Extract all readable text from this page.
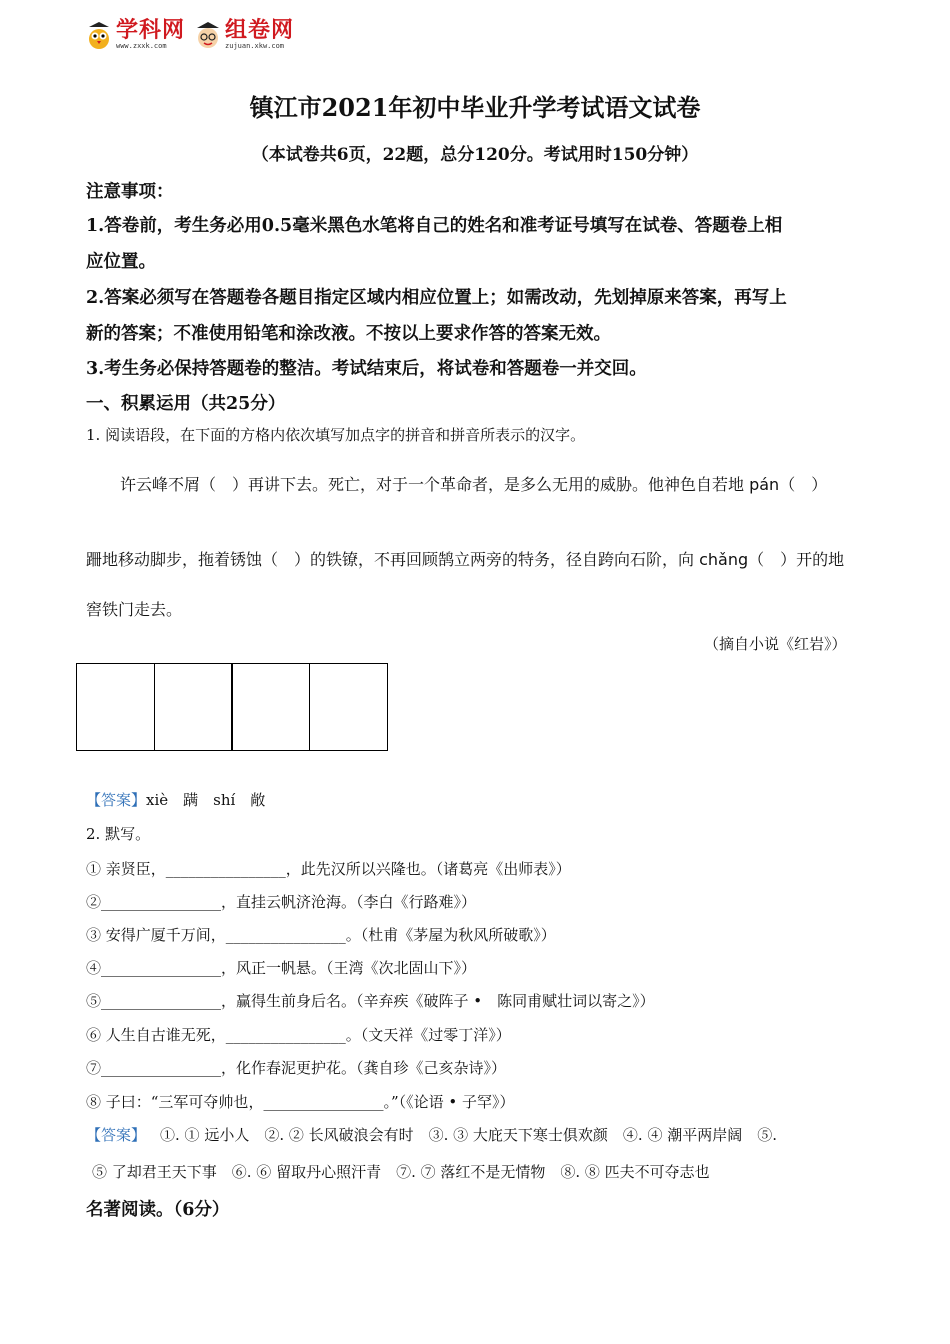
学科网
www.zxxk.com
组卷网
zujuan.xkw.com
镇江市2021年初中毕业升学考试语文试卷
（本试卷共6页，22题，总分120分。考试用时150分钟）
注意事项：
1.答卷前，考生务必用0.5毫米黑色水笔将自己的姓名和准考证号填写在试卷、答题卷上相
应位置。
2.答案必须写在答题卷各题目指定区域内相应位置上；如需改动，先划掉原来答案，再写上
新的答案；不准使用铅笔和涂改液。不按以上要求作答的答案无效。
3.考生务必保持答题卷的整洁。考试结束后，将试卷和答题卷一并交回。
一、积累运用（共25分）
1. 阅读语段，在下面的方格内依次填写加点字的拼音和拼音所表示的汉字。
许云峰不屑（　）再讲下去。死亡，对于一个革命者，是多么无用的威胁。他神色自若地 pán（　）
跚地移动脚步，拖着锈蚀（　）的铁镣，不再回顾鹄立两旁的特务，径自跨向石阶，向 chǎng（　）开的地
窖铁门走去。
（摘自小说《红岩》）
【答案】xiè　蹒　shí　敞
2. 默写。
① 亲贤臣，________________，此先汉所以兴隆也。（诸葛亮《出师表》）
②________________，直挂云帆济沧海。（李白《行路难》）
③ 安得广厦千万间，________________。（杜甫《茅屋为秋风所破歌》）
④________________，风正一帆悬。（王湾《次北固山下》）
⑤________________，赢得生前身后名。（辛弃疾《破阵子 •　陈同甫赋壮词以寄之》）
⑥ 人生自古谁无死，________________。（文天祥《过零丁洋》）
⑦________________，化作春泥更护花。（龚自珍《己亥杂诗》）
⑧ 子曰：“三军可夺帅也，________________。”（《论语 • 子罕》）
【答案】 ①. ① 远小人　②. ② 长风破浪会有时　③. ③ 大庇天下寒士俱欢颜　④. ④ 潮平两岸阔　⑤.
⑤ 了却君王天下事　⑥. ⑥ 留取丹心照汗青　⑦. ⑦ 落红不是无情物　⑧. ⑧ 匹夫不可夺志也
名著阅读。（6分）
